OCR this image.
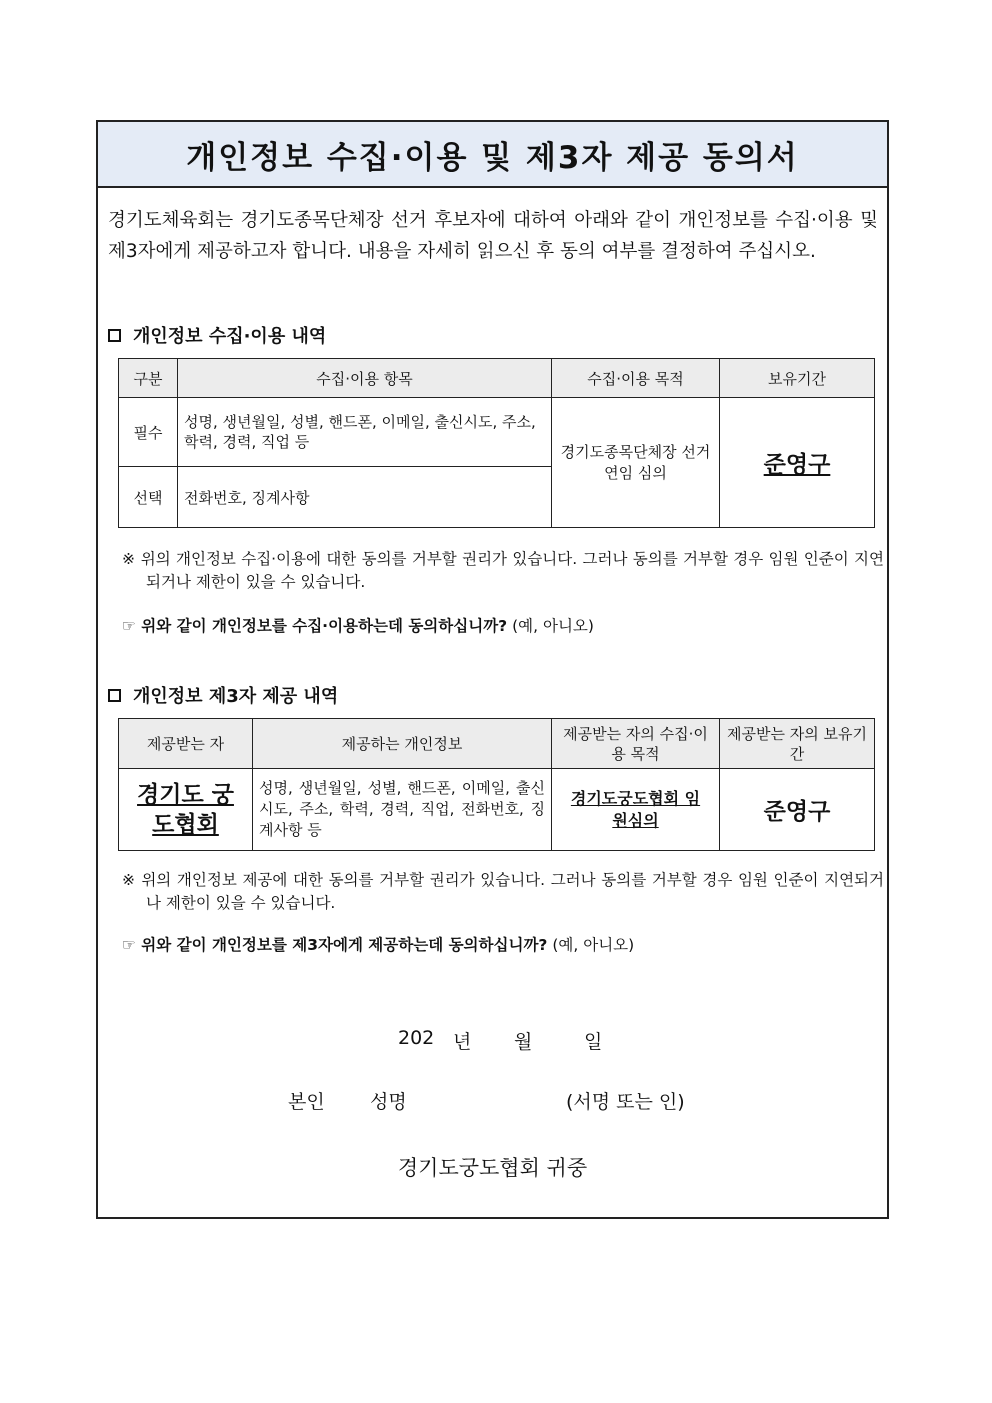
개인정보 수집·이용 및 제3자 제공 동의서
경기도체육회는 경기도종목단체장 선거 후보자에 대하여 아래와 같이 개인정보를 수집·이용 및 제3자에게 제공하고자 합니다. 내용을 자세히 읽으신 후 동의 여부를 결정하여 주십시오.
개인정보 수집·이용 내역
구분	수집·이용 항목	수집·이용 목적	보유기간
필수	성명, 생년월일, 성별, 핸드폰, 이메일, 출신시도, 주소, 학력, 경력, 직업 등	경기도종목단체장 선거 연임 심의	준영구
선택	전화번호, 징계사항		
※ 위의 개인정보 수집·이용에 대한 동의를 거부할 권리가 있습니다. 그러나 동의를 거부할 경우 임원 인준이 지연되거나 제한이 있을 수 있습니다.
☞ 위와 같이 개인정보를 수집·이용하는데 동의하십니까? (예, 아니오)
개인정보 제3자 제공 내역
제공받는 자	제공하는 개인정보	제공받는 자의 수집·이용 목적	제공받는 자의 보유기간
경기도 궁도협회	성명, 생년월일, 성별, 핸드폰, 이메일, 출신시도, 주소, 학력, 경력, 직업, 전화번호, 징계사항 등	경기도궁도협회 임원심의	준영구
※ 위의 개인정보 제공에 대한 동의를 거부할 권리가 있습니다. 그러나 동의를 거부할 경우 임원 인준이 지연되거나 제한이 있을 수 있습니다.
☞ 위와 같이 개인정보를 제3자에게 제공하는데 동의하십니까? (예, 아니오)
202 년 월	일
본인 성명	(서명 또는 인)
경기도궁도협회 귀중
